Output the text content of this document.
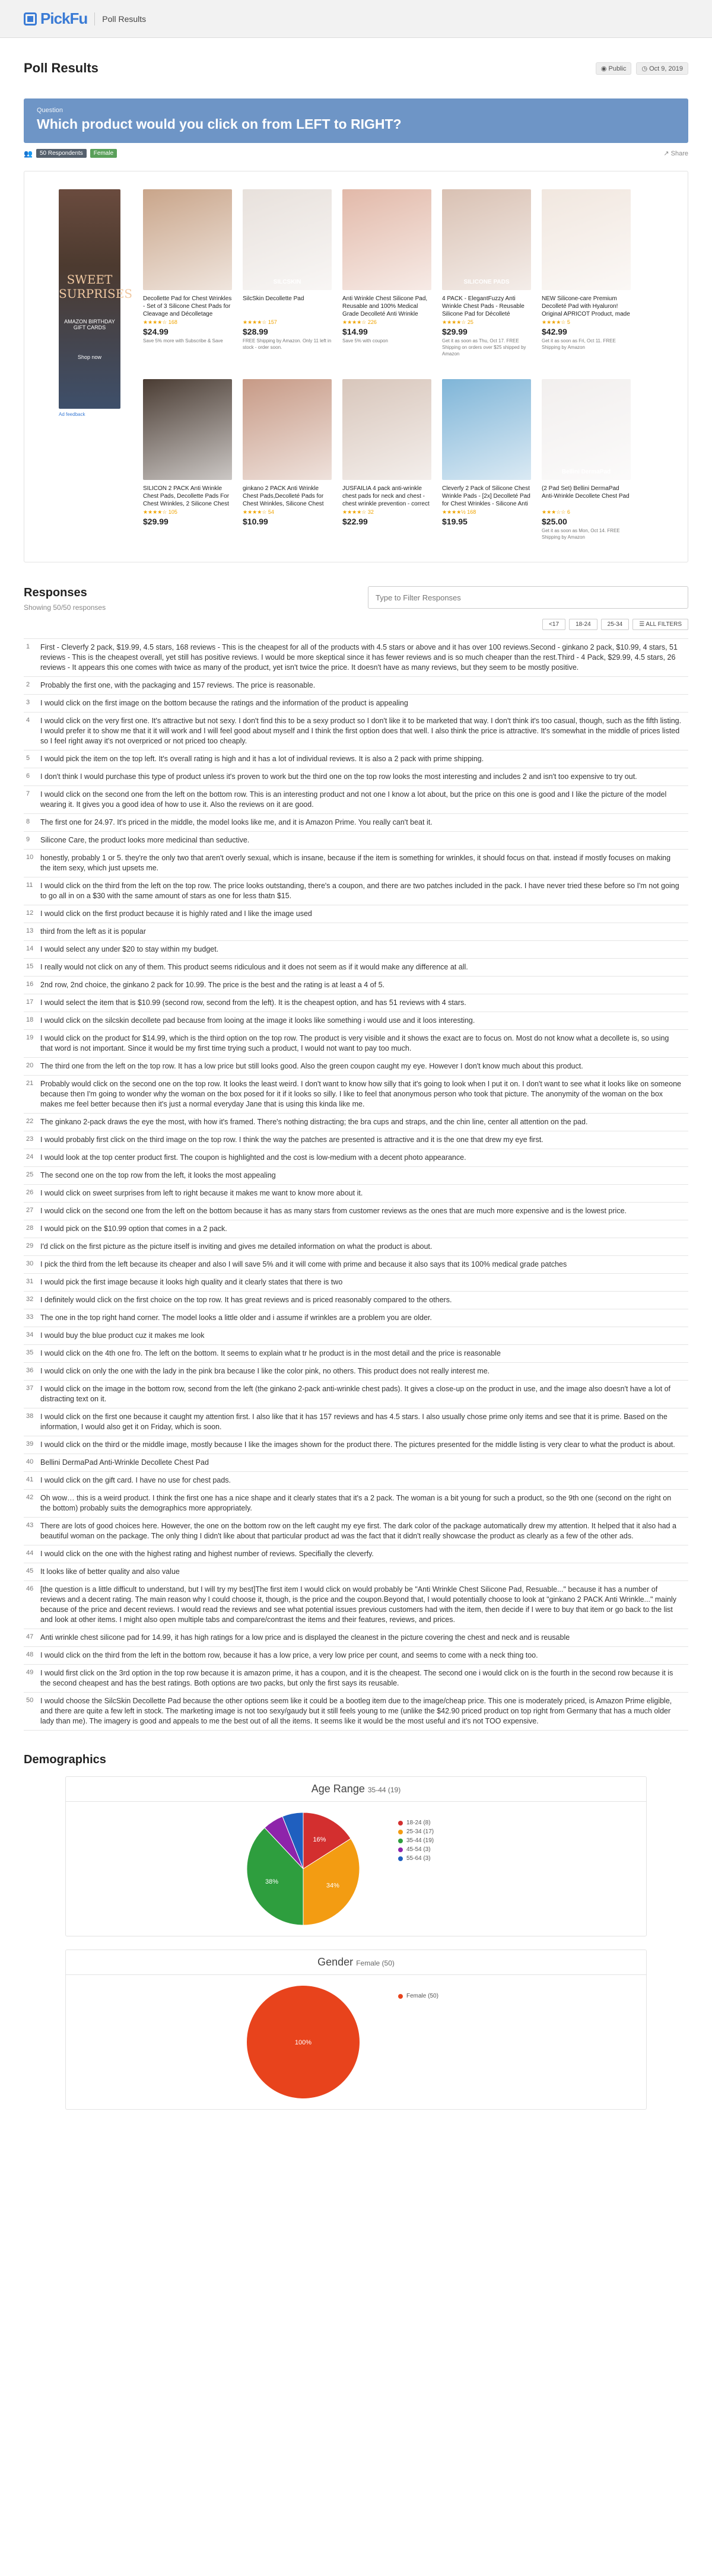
PickFu Poll Results
Poll Results	◉ Public	◷ Oct 9, 2019
Question
Which product would you click on from LEFT to RIGHT?
👥	50 Respondents	Female	↗ Share
SWEET SURPRISES
AMAZON BIRTHDAY GIFT CARDS
Shop now
Ad feedback
Decollette Pad for Chest Wrinkles - Set of 3 Silicone Chest Pads for Cleavage and Décolletage
★★★★☆ 168
$24.99
Save 5% more with Subscribe & Save
SILCSKIN
SilcSkin Decollette Pad
★★★★☆ 157
$28.99
FREE Shipping by Amazon. Only 11 left in stock - order soon.
Anti Wrinkle Chest Silicone Pad, Reusable and 100% Medical Grade Decolleté Anti Wrinkle
★★★★☆ 226
$14.99
Save 5% with coupon
SILICONE PADS
4 PACK - ElegantFuzzy Anti Wrinkle Chest Pads - Reusable Silicone Pad for Décolleté
★★★★☆ 25
$29.99
Get it as soon as Thu, Oct 17. FREE Shipping on orders over $25 shipped by Amazon
NEW Silicone-care Premium Decolleté Pad with Hyaluron! Original APRICOT Product, made
★★★★☆ 5
$42.99
Get it as soon as Fri, Oct 11. FREE Shipping by Amazon
SILICON 2 PACK Anti Wrinkle Chest Pads, Decollette Pads For Chest Wrinkles, 2 Silicone Chest
★★★★☆ 105
$29.99
ginkano 2 PACK Anti Wrinkle Chest Pads,Decolleté Pads for Chest Wrinkles, Silicone Chest
★★★★☆ 54
$10.99
JUSFAILIA 4 pack anti-wrinkle chest pads for neck and chest - chest wrinkle prevention - correct
★★★★☆ 32
$22.99
Cleverfy 2 Pack of Silicone Chest Wrinkle Pads - [2x] Decolleté Pad for Chest Wrinkles - Silicone Anti
★★★★½ 168
$19.95
Bellini DermaPad
(2 Pad Set) Bellini DermaPad Anti-Wrinkle Decollete Chest Pad
★★★☆☆ 6
$25.00
Get it as soon as Mon, Oct 14. FREE Shipping by Amazon
Responses
Showing 50/50 responses
Type to Filter Responses
<17	18-24	25-34	☰ ALL FILTERS
1	First - Cleverfy 2 pack, $19.99, 4.5 stars, 168 reviews - This is the cheapest for all of the products with 4.5 stars or above and it has over 100 reviews.Second - ginkano 2 pack, $10.99, 4 stars, 51 reviews - This is the cheapest overall, yet still has positive reviews. I would be more skeptical since it has fewer reviews and is so much cheaper than the rest.Third - 4 Pack, $29.99, 4.5 stars, 26 reviews - It appears this one comes with twice as many of the product, yet isn't twice the price. It doesn't have as many reviews, but they seem to be mostly positive.
2	Probably the first one, with the packaging and 157 reviews. The price is reasonable.
3	I would click on the first image on the bottom because the ratings and the information of the product is appealing
4	I would click on the very first one. It's attractive but not sexy. I don't find this to be a sexy product so I don't like it to be marketed that way. I don't think it's too casual, though, such as the fifth listing. I would prefer it to show me that it it will work and I will feel good about myself and I think the first option does that well. I also think the price is attractive. It's somewhat in the middle of prices listed so I feel right away it's not overpriced or not priced too cheaply.
5	I would pick the item on the top left. It's overall rating is high and it has a lot of individual reviews. It is also a 2 pack with prime shipping.
6	I don't think I would purchase this type of product unless it's proven to work but the third one on the top row looks the most interesting and includes 2 and isn't too expensive to try out.
7	I would click on the second one from the left on the bottom row. This is an interesting product and not one I know a lot about, but the price on this one is good and I like the picture of the model wearing it. It gives you a good idea of how to use it. Also the reviews on it are good.
8	The first one for 24.97. It's priced in the middle, the model looks like me, and it is Amazon Prime. You really can't beat it.
9	Silicone Care, the product looks more medicinal than seductive.
10 honestly, probably 1 or 5. they're the only two that aren't overly sexual, which is insane, because if the item is something for wrinkles, it should focus on that. instead if mostly focuses on making the item sexy, which just upsets me.
11	I would click on the third from the left on the top row. The price looks outstanding, there's a coupon, and there are two patches included in the pack. I have never tried these before so I'm not going to go all in on a $30 with the same amount of stars as one for less thatn $15.
12 I would click on the first product because it is highly rated and I like the image used
13 third from the left as it is popular
14 I would select any under $20 to stay within my budget.
15 I really would not click on any of them. This product seems ridiculous and it does not seem as if it would make any difference at all.
16 2nd row, 2nd choice, the ginkano 2 pack for 10.99. The price is the best and the rating is at least a 4 of 5.
17 I would select the item that is $10.99 (second row, second from the left). It is the cheapest option, and has 51 reviews with 4 stars.
18 I would click on the silcskin decollete pad because from looing at the image it looks like something i would use and it loos interesting.
19 I would click on the product for $14.99, which is the third option on the top row. The product is very visible and it shows the exact are to focus on. Most do not know what a decollete is, so using that word is not important. Since it would be my first time trying such a product, I would not want to pay too much.
20 The third one from the left on the top row. It has a low price but still looks good. Also the green coupon caught my eye. However I don't know much about this product.
21 Probably would click on the second one on the top row. It looks the least weird. I don't want to know how silly that it's going to look when I put it on. I don't want to see what it looks like on someone because then I'm going to wonder why the woman on the box posed for it if it looks so silly. I like to feel that anonymous person who took that picture. The anonymity of the woman on the box makes me feel better because then it's just a normal everyday Jane that is using this kinda like me.
22 The ginkano 2-pack draws the eye the most, with how it's framed. There's nothing distracting; the bra cups and straps, and the chin line, center all attention on the pad.
23 I would probably first click on the third image on the top row. I think the way the patches are presented is attractive and it is the one that drew my eye first.
24 I would look at the top center product first. The coupon is highlighted and the cost is low-medium with a decent photo appearance.
25 The second one on the top row from the left, it looks the most appealing
26 I would click on sweet surprises from left to right because it makes me want to know more about it.
27 I would click on the second one from the left on the bottom because it has as many stars from customer reviews as the ones that are much more expensive and is the lowest price.
28 I would pick on the $10.99 option that comes in a 2 pack.
29 I'd click on the first picture as the picture itself is inviting and gives me detailed information on what the product is about.
30 I pick the third from the left because its cheaper and also I will save 5% and it will come with prime and because it also says that its 100% medical grade patches
31 I would pick the first image because it looks high quality and it clearly states that there is two
32 I definitely would click on the first choice on the top row. It has great reviews and is priced reasonably compared to the others.
33 The one in the top right hand corner. The model looks a little older and i assume if wrinkles are a problem you are older.
34 I would buy the blue product cuz it makes me look
35 I would click on the 4th one fro. The left on the bottom. It seems to explain what tr he product is in the most detail and the price is reasonable
36 I would click on only the one with the lady in the pink bra because I like the color pink, no others. This product does not really interest me.
37 I would click on the image in the bottom row, second from the left (the ginkano 2-pack anti-wrinkle chest pads). It gives a close-up on the product in use, and the image also doesn't have a lot of distracting text on it.
38 I would click on the first one because it caught my attention first. I also like that it has 157 reviews and has 4.5 stars. I also usually chose prime only items and see that it is prime. Based on the information, I would also get it on Friday, which is soon.
39 I would click on the third or the middle image, mostly because I like the images shown for the product there. The pictures presented for the middle listing is very clear to what the product is about.
40 Bellini DermaPad Anti-Wrinkle Decollete Chest Pad
41 I would click on the gift card. I have no use for chest pads.
42 Oh wow… this is a weird product. I think the first one has a nice shape and it clearly states that it's a 2 pack. The woman is a bit young for such a product, so the 9th one (second on the right on the bottom) probably suits the demographics more appropriately.
43 There are lots of good choices here. However, the one on the bottom row on the left caught my eye first. The dark color of the package automatically drew my attention. It helped that it also had a beautiful woman on the package. The only thing I didn't like about that particular product ad was the fact that it didn't really showcase the product as clearly as a few of the other ads.
44 I would click on the one with the highest rating and highest number of reviews. Specifially the cleverfy.
45 It looks like of better quality and also value
46 [the question is a little difficult to understand, but I will try my best]The first item I would click on would probably be "Anti Wrinkle Chest Silicone Pad, Resuable..." because it has a number of reviews and a decent rating. The main reason why I could choose it, though, is the price and the coupon.Beyond that, I would potentially choose to look at "ginkano 2 PACK Anti Wrinkle..." mainly because of the price and decent reviews. I would read the reviews and see what potential issues previous customers had with the item, then decide if I were to buy that item or go back to the list and look at other items. I might also open multiple tabs and compare/contrast the items and their features, reviews, and prices.
47 Anti wrinkle chest silicone pad for 14.99, it has high ratings for a low price and is displayed the cleanest in the picture covering the chest and neck and is reusable
48 I would click on the third from the left in the bottom row, because it has a low price, a very low price per count, and seems to come with a neck thing too.
49 I would first click on the 3rd option in the top row because it is amazon prime, it has a coupon, and it is the cheapest. The second one i would click on is the fourth in the second row because it is the second cheapest and has the best ratings. Both options are two packs, but only the first says its reusable.
50 I would choose the SilcSkin Decollette Pad because the other options seem like it could be a bootleg item due to the image/cheap price. This one is moderately priced, is Amazon Prime eligible, and there are quite a few left in stock. The marketing image is not too sexy/gaudy but it still feels young to me (unlike the $42.90 priced product on top right from Germany that has a much older lady than me). The imagery is good and appeals to me the best out of all the items. It seems like it would be the most useful and it's not TOO expensive.
Demographics
Age Range 35-44 (19)
16%
34%
38%
18-24 (8)
25-34 (17)
35-44 (19)
45-54 (3)
55-64 (3)
Gender Female (50)
100%
Female (50)
